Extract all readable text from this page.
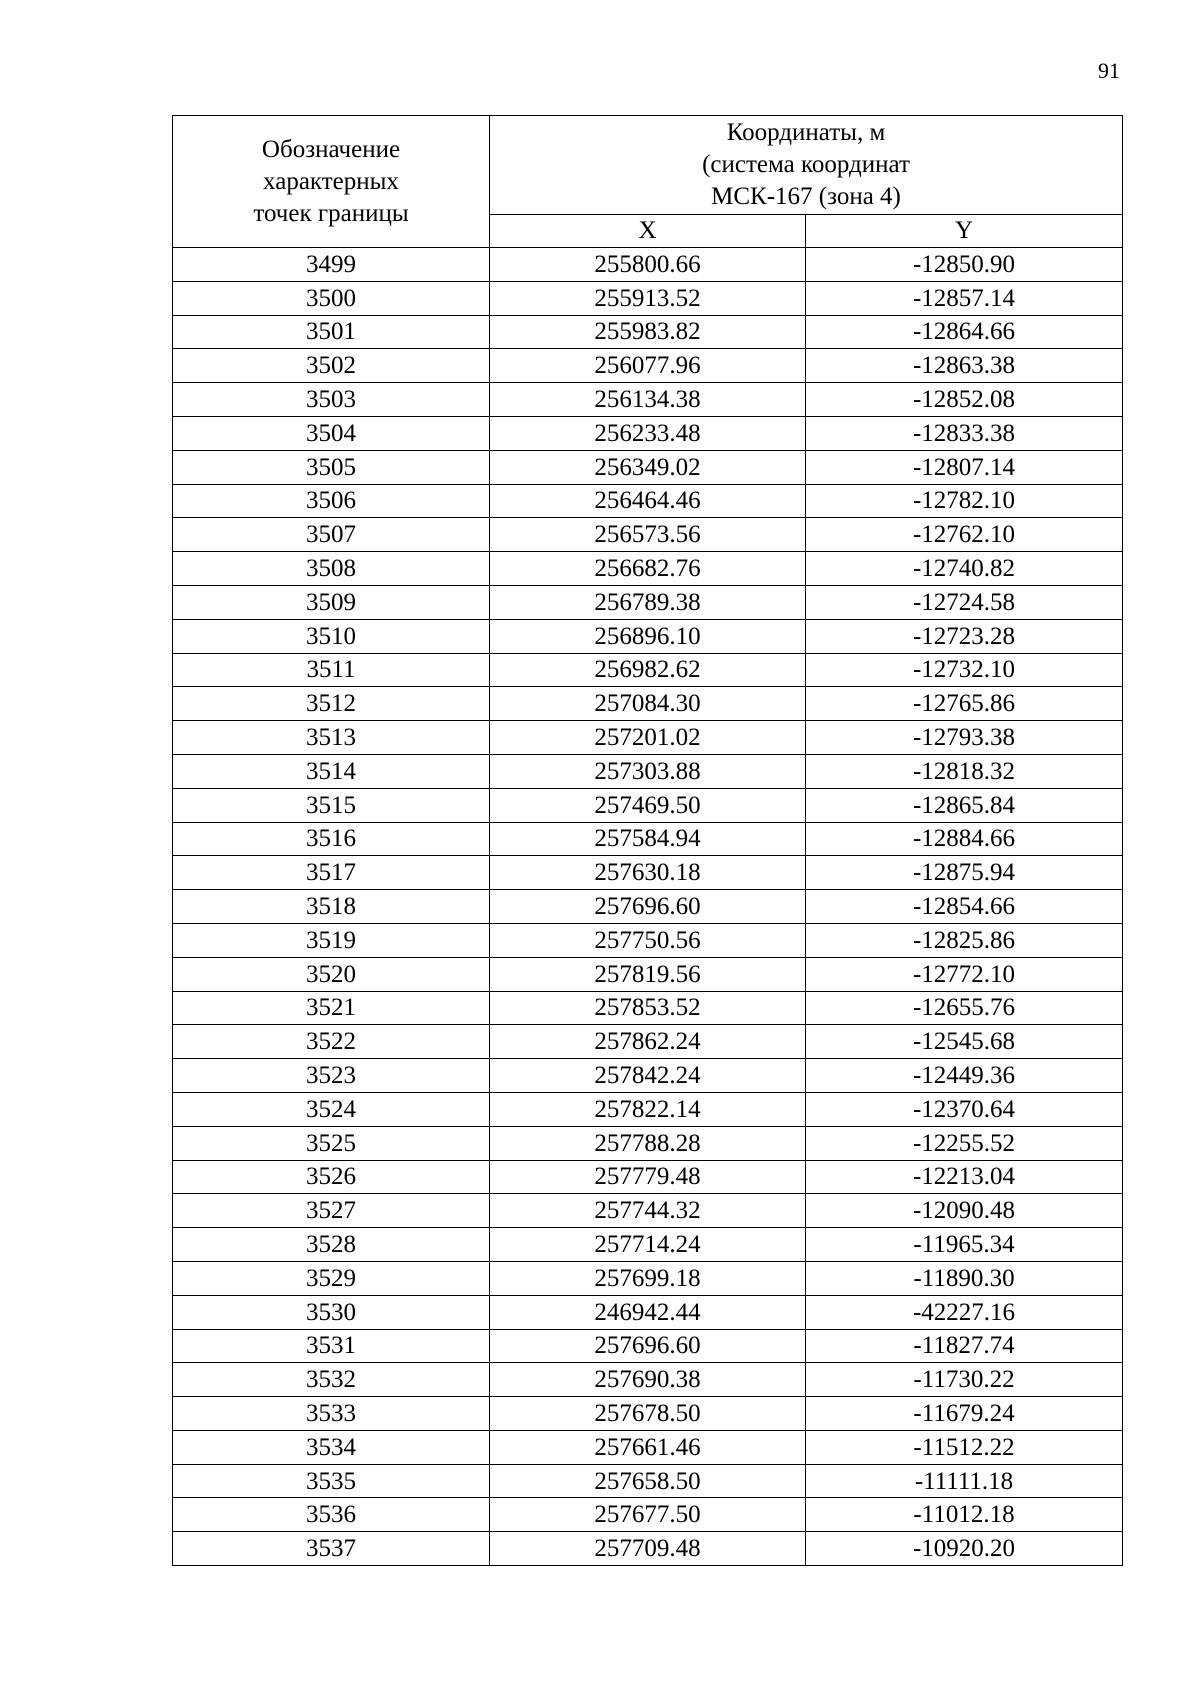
91
Обозначение
характерных
точек границы	Координаты, м
(система координат
МСК-167 (зона 4)	
	X	Y
3499	255800.66	-12850.90
3500	255913.52	-12857.14
3501	255983.82	-12864.66
3502	256077.96	-12863.38
3503	256134.38	-12852.08
3504	256233.48	-12833.38
3505	256349.02	-12807.14
3506	256464.46	-12782.10
3507	256573.56	-12762.10
3508	256682.76	-12740.82
3509	256789.38	-12724.58
3510	256896.10	-12723.28
3511	256982.62	-12732.10
3512	257084.30	-12765.86
3513	257201.02	-12793.38
3514	257303.88	-12818.32
3515	257469.50	-12865.84
3516	257584.94	-12884.66
3517	257630.18	-12875.94
3518	257696.60	-12854.66
3519	257750.56	-12825.86
3520	257819.56	-12772.10
3521	257853.52	-12655.76
3522	257862.24	-12545.68
3523	257842.24	-12449.36
3524	257822.14	-12370.64
3525	257788.28	-12255.52
3526	257779.48	-12213.04
3527	257744.32	-12090.48
3528	257714.24	-11965.34
3529	257699.18	-11890.30
3530	246942.44	-42227.16
3531	257696.60	-11827.74
3532	257690.38	-11730.22
3533	257678.50	-11679.24
3534	257661.46	-11512.22
3535	257658.50	-11111.18
3536	257677.50	-11012.18
3537	257709.48	-10920.20
